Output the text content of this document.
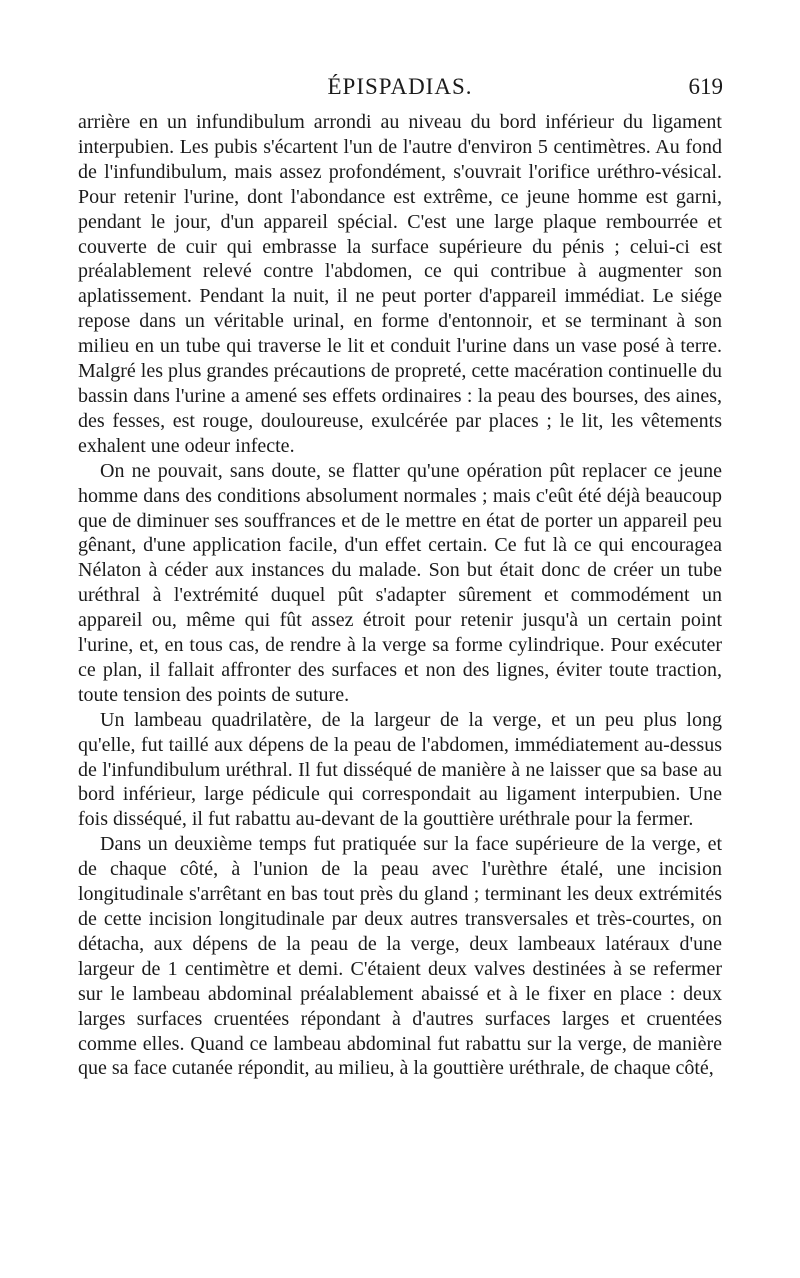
ÉPISPADIAS.	619

arrière en un infundibulum arrondi au niveau du bord inférieur du ligament interpubien. Les pubis s'écartent l'un de l'autre d'environ 5 centimètres. Au fond de l'infundibulum, mais assez profondément, s'ouvrait l'orifice uréthro-vésical. Pour retenir l'urine, dont l'abondance est extrême, ce jeune homme est garni, pendant le jour, d'un appareil spécial. C'est une large plaque rembourrée et couverte de cuir qui embrasse la surface supérieure du pénis ; celui-ci est préalablement relevé contre l'abdomen, ce qui contribue à augmenter son aplatissement. Pendant la nuit, il ne peut porter d'appareil immédiat. Le siége repose dans un véritable urinal, en forme d'entonnoir, et se terminant à son milieu en un tube qui traverse le lit et conduit l'urine dans un vase posé à terre. Malgré les plus grandes précautions de propreté, cette macération continuelle du bassin dans l'urine a amené ses effets ordinaires : la peau des bourses, des aines, des fesses, est rouge, douloureuse, exulcérée par places ; le lit, les vêtements exhalent une odeur infecte.

On ne pouvait, sans doute, se flatter qu'une opération pût replacer ce jeune homme dans des conditions absolument normales ; mais c'eût été déjà beaucoup que de diminuer ses souffrances et de le mettre en état de porter un appareil peu gênant, d'une application facile, d'un effet certain. Ce fut là ce qui encouragea Nélaton à céder aux instances du malade. Son but était donc de créer un tube uréthral à l'extrémité duquel pût s'adapter sûrement et commodément un appareil ou, même qui fût assez étroit pour retenir jusqu'à un certain point l'urine, et, en tous cas, de rendre à la verge sa forme cylindrique. Pour exécuter ce plan, il fallait affronter des surfaces et non des lignes, éviter toute traction, toute tension des points de suture.

Un lambeau quadrilatère, de la largeur de la verge, et un peu plus long qu'elle, fut taillé aux dépens de la peau de l'abdomen, immédiatement au-dessus de l'infundibulum uréthral. Il fut disséqué de manière à ne laisser que sa base au bord inférieur, large pédicule qui correspondait au ligament interpubien. Une fois disséqué, il fut rabattu au-devant de la gouttière uréthrale pour la fermer.

Dans un deuxième temps fut pratiquée sur la face supérieure de la verge, et de chaque côté, à l'union de la peau avec l'urèthre étalé, une incision longitudinale s'arrêtant en bas tout près du gland ; terminant les deux extrémités de cette incision longitudinale par deux autres transversales et très-courtes, on détacha, aux dépens de la peau de la verge, deux lambeaux latéraux d'une largeur de 1 centimètre et demi. C'étaient deux valves destinées à se refermer sur le lambeau abdominal préalablement abaissé et à le fixer en place : deux larges surfaces cruentées répondant à d'autres surfaces larges et cruentées comme elles. Quand ce lambeau abdominal fut rabattu sur la verge, de manière que sa face cutanée répondit, au milieu, à la gouttière uréthrale, de chaque côté,
